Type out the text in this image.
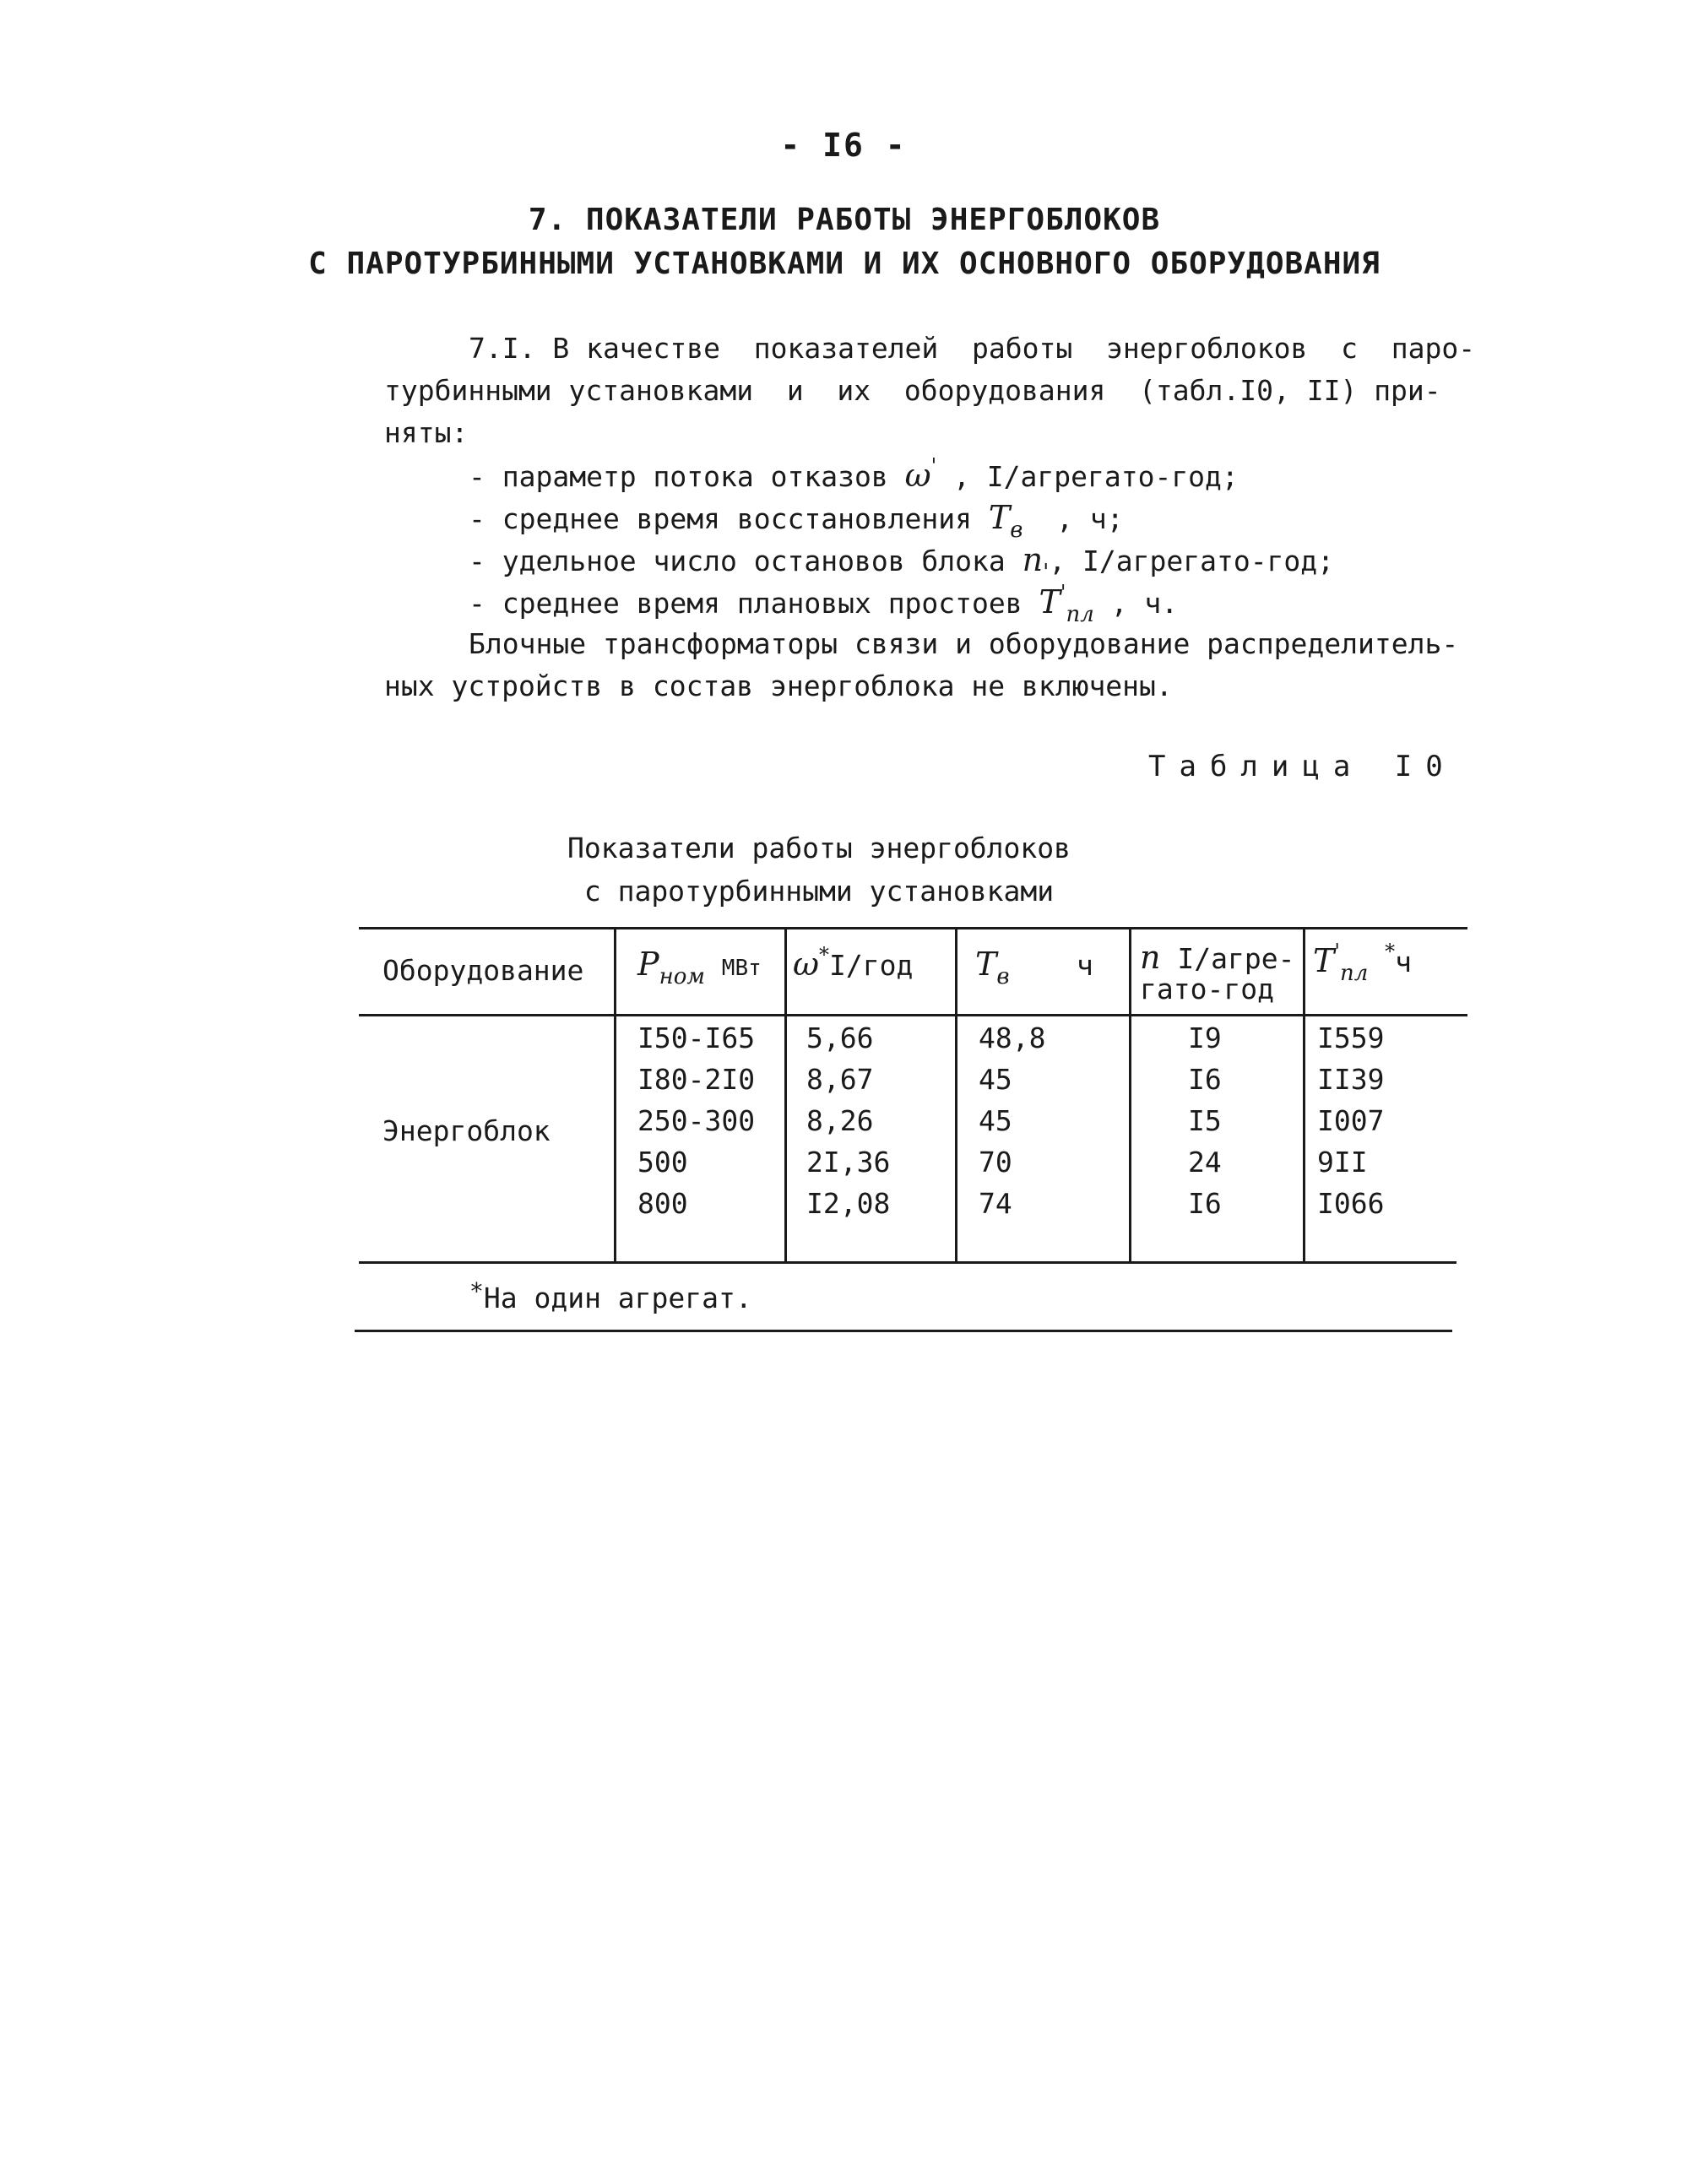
- I6 -
7. ПОКАЗАТЕЛИ РАБОТЫ ЭНЕРГОБЛОКОВ
С ПАРОТУРБИННЫМИ УСТАНОВКАМИ И ИХ ОСНОВНОГО ОБОРУДОВАНИЯ
7.I. В качестве  показателей  работы  энергоблоков  с  паро-
турбинными установками  и  их  оборудования  (табл.I0, II) при-
няты:
- параметр потока отказов ω' , I/агрегато-год;
- среднее время восстановления $T_в$  , ч;
- удельное число остановов блока $n'$, I/агрегато-год;
- среднее время плановых простоев $T'_{пл}$ , ч.
Блочные трансформаторы связи и оборудование распределитель-
ных устройств в состав энергоблока не включены.
Таблица I0
Показатели работы энергоблоков
с паротурбинными установками
Оборудование $P_{ном}$ МВт ω*I/год $T_в$ ч n I/агре-
гато-год
$T'_{пл}$ *ч
Энергоблок
I50-I65
I80-2I0
250-300
500
800
5,66
8,67
8,26
2I,36
I2,08
48,8
45
45
70
74
I9
I6
I5
24
I6
I559
II39
I007
9II
I066
*На один агрегат.
